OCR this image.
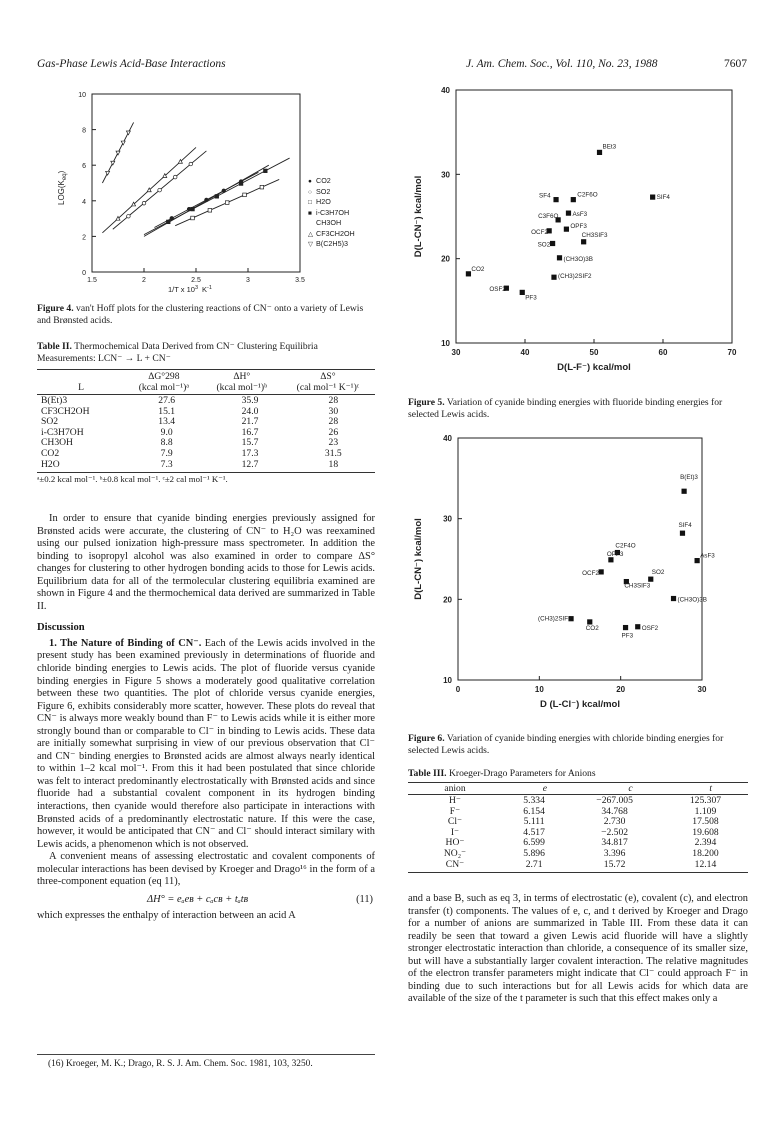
Gas-Phase Lewis Acid-Base Interactions	J. Am. Chem. Soc., Vol. 110, No. 23, 1988	7607
0
2
4
6
8
10
1.5	2	2.5	3	3.5
$LOG(K_{eq})$
1/T x $10^3$ $K^{-1}$
● CO2
○ SO2
□ H2O
■ i-C3H7OH
CH3OH
△ CF3CH2OH
▽ B(C2H5)3
Figure 4. van't Hoff plots for the clustering reactions of CN⁻ onto a variety of Lewis and Brønsted acids.
Table II. Thermochemical Data Derived from CN⁻ Clustering Equilibria Measurements: LCN⁻ → L + CN⁻
	ΔG°298	ΔH°	ΔS°
L	(kcal mol⁻¹)ᵃ	(kcal mol⁻¹)ᵇ	(cal mol⁻¹ K⁻¹)ᶜ
B(Et)3	27.6	35.9	28
CF3CH2OH	15.1	24.0	30
SO2	13.4	21.7	28
i-C3H7OH	9.0	16.7	26
CH3OH	8.8	15.7	23
CO2	7.9	17.3	31.5
H2O	7.3	12.7	18
ᵃ±0.2 kcal mol⁻¹. ᵇ±0.8 kcal mol⁻¹. ᶜ±2 cal mol⁻¹ K⁻¹.

In order to ensure that cyanide binding energies previously assigned for Brønsted acids were accurate, the clustering of CN⁻ to H₂O was reexamined using our pulsed ionization high-pressure mass spectrometer. In addition the binding to isopropyl alcohol was also examined in order to compare ΔS° changes for clustering to other hydrogen bonding acids to those for Lewis acids. Equilibrium data for all of the termolecular clustering equilibria examined are shown in Figure 4 and the thermochemical data derived are summarized in Table II.

Discussion

1. The Nature of Binding of CN⁻. Each of the Lewis acids involved in the present study has been examined previously in determinations of fluoride and chloride binding energies to Lewis acids. The plot of fluoride versus cyanide binding energies in Figure 5 shows a moderately good qualitative correlation between these two quantities. The plot of chloride versus cyanide energies, Figure 6, exhibits considerably more scatter, however. These plots do reveal that CN⁻ is always more weakly bound than F⁻ to Lewis acids while it is either more strongly bound than or comparable to Cl⁻ in binding to Lewis acids. These data are initially somewhat surprising in view of our previous observation that Cl⁻ and CN⁻ binding energies to Brønsted acids are almost always nearly identical to within 1–2 kcal mol⁻¹. From this it had been postulated that since chloride was felt to interact predominantly electrostatically with Brønsted acids and since fluoride had a substantial covalent component in its hydrogen binding interactions, then cyanide would therefore also participate in interactions with Brønsted acids of a predominantly electrostatic nature. If this were the case, however, it would be anticipated that CN⁻ and Cl⁻ should interact similary with Lewis acids, a phenomenon which is not observed.

A convenient means of assessing electrostatic and covalent components of molecular interactions has been devised by Kroeger and Drago¹⁶ in the form of a three-component equation (eq 11),

ΔH° = eₐeʙ + cₐcʙ + tₐtʙ	(11)
which expresses the enthalpy of interaction between an acid A
(16) Kroeger, M. K.; Drago, R. S. J. Am. Chem. Soc. 1981, 103, 3250.
10
20
30
40
30	40	50	60	70
D(L-CN⁻) kcal/mol
D(L-F⁻) kcal/mol
BEt3
SF4	C2F6O	SIF4
AsF3
C3F6O
OCF2
OPF3
SO2
CH3SIF3
(CH3O)3B
CO2
(CH3)2SIF2
OSF2
PF3
Figure 5. Variation of cyanide binding energies with fluoride binding energies for selected Lewis acids.
10
20
30
40
0	10	20	30
D(L-CN⁻) kcal/mol
D (L-Cl⁻) kcal/mol
B(Et)3
SIF4
C2F4O
AsF3
OPF3
OCF2
CH3SIF3
SO2
(CH3O)3B
(CH3)2SIF2
CO2	OSF2
PF3
Figure 6. Variation of cyanide binding energies with chloride binding energies for selected Lewis acids.
Table III. Kroeger-Drago Parameters for Anions
anion	e	c	t
H⁻	5.334	−267.005	125.307
F⁻	6.154	34.768	1.109
Cl⁻	5.111	2.730	17.508
I⁻	4.517	−2.502	19.608
HO⁻	6.599	34.817	2.394
NO₂⁻	5.896	3.396	18.200
CN⁻	2.71	15.72	12.14
and a base B, such as eq 3, in terms of electrostatic (e), covalent (c), and electron transfer (t) components. The values of e, c, and t derived by Kroeger and Drago for a number of anions are summarized in Table III. From these data it can readily be seen that toward a given Lewis acid fluoride will have a slightly stronger electrostatic interaction than chloride, a consequence of its smaller size, but will have a substantially larger covalent interaction. The relative magnitudes of the electron transfer parameters might indicate that Cl⁻ could approach F⁻ in binding due to such interactions but for all Lewis acids for which data are available of the size of the t parameter is such that this effect makes only a
